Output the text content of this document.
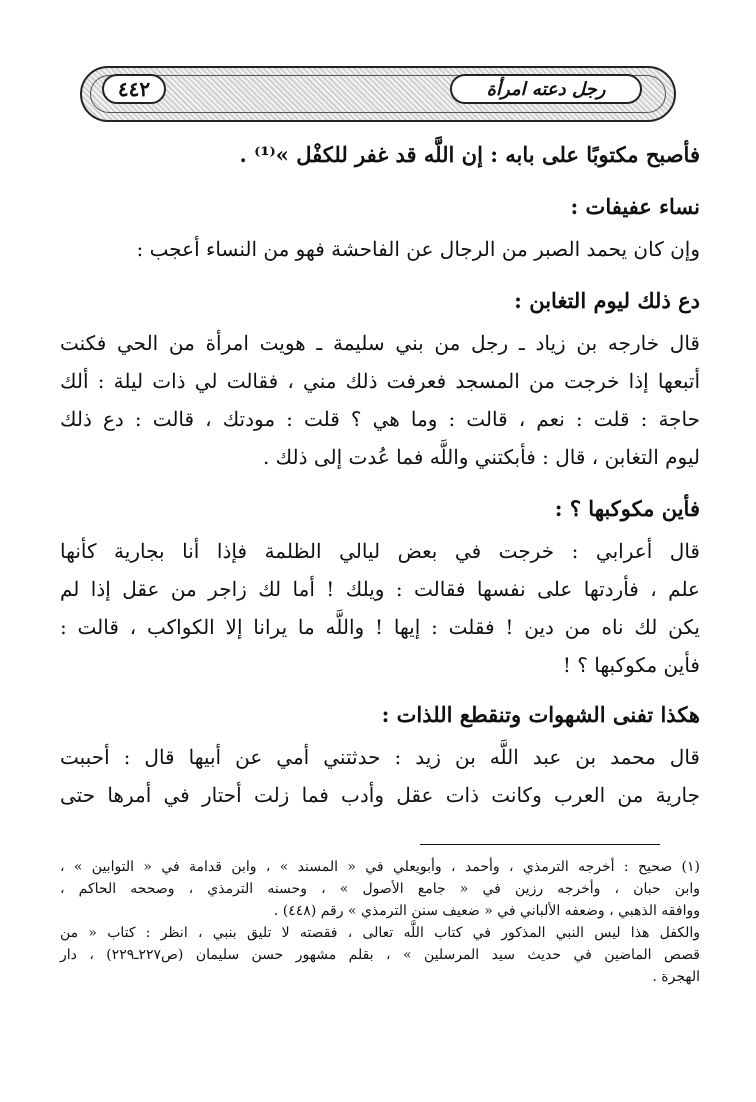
٤٤٢	رجل دعته امرأة
فأصبح مكتوبًا على بابه : إن اللَّه قد غفر للكفْل »⁽¹⁾ .
نساء عفيفات :
وإن كان يحمد الصبر من الرجال عن الفاحشة فهو من النساء أعجب :
دع ذلك ليوم التغابن :
قال خارجه بن زياد ـ رجل من بني سليمة ـ هويت امرأة من الحي فكنت
أتبعها إذا خرجت من المسجد فعرفت ذلك مني ، فقالت لي ذات ليلة : ألك
حاجة : قلت : نعم ، قالت : وما هي ؟ قلت : مودتك ، قالت : دع ذلك
ليوم التغابن ، قال : فأبكتني واللَّه فما عُدت إلى ذلك .
فأين مكوكبها ؟ :
قال أعرابي : خرجت في بعض ليالي الظلمة فإذا أنا بجارية كأنها
علم ، فأردتها على نفسها فقالت : ويلك ! أما لك زاجر من عقل إذا لم
يكن لك ناه من دين ! فقلت : إيها ! واللَّه ما يرانا إلا الكواكب ، قالت :
فأين مكوكبها ؟ !
هكذا تفنى الشهوات وتنقطع اللذات :
قال محمد بن عبد اللَّه بن زيد : حدثتني أمي عن أبيها قال : أحببت
جارية من العرب وكانت ذات عقل وأدب فما زلت أحتار في أمرها حتى
(١) صحيح : أخرجه الترمذي ، وأحمد ، وأبويعلي في « المسند » ، وابن قدامة في « التوابين » ،
وابن حبان ، وأخرجه رزين في « جامع الأصول » ، وحسنه الترمذي ، وصححه الحاكم ،
ووافقه الذهبي ، وضعفه الألباني في « ضعيف سنن الترمذي » رقم (٤٤٨) .
والكفل هذا ليس النبي المذكور في كتاب اللَّه تعالى ، فقصته لا تليق بنبي ، انظر : كتاب « من
قصص الماضين في حديث سيد المرسلين » ، بقلم مشهور حسن سليمان (ص٢٢٧ـ٢٢٩) ، دار
الهجرة .
